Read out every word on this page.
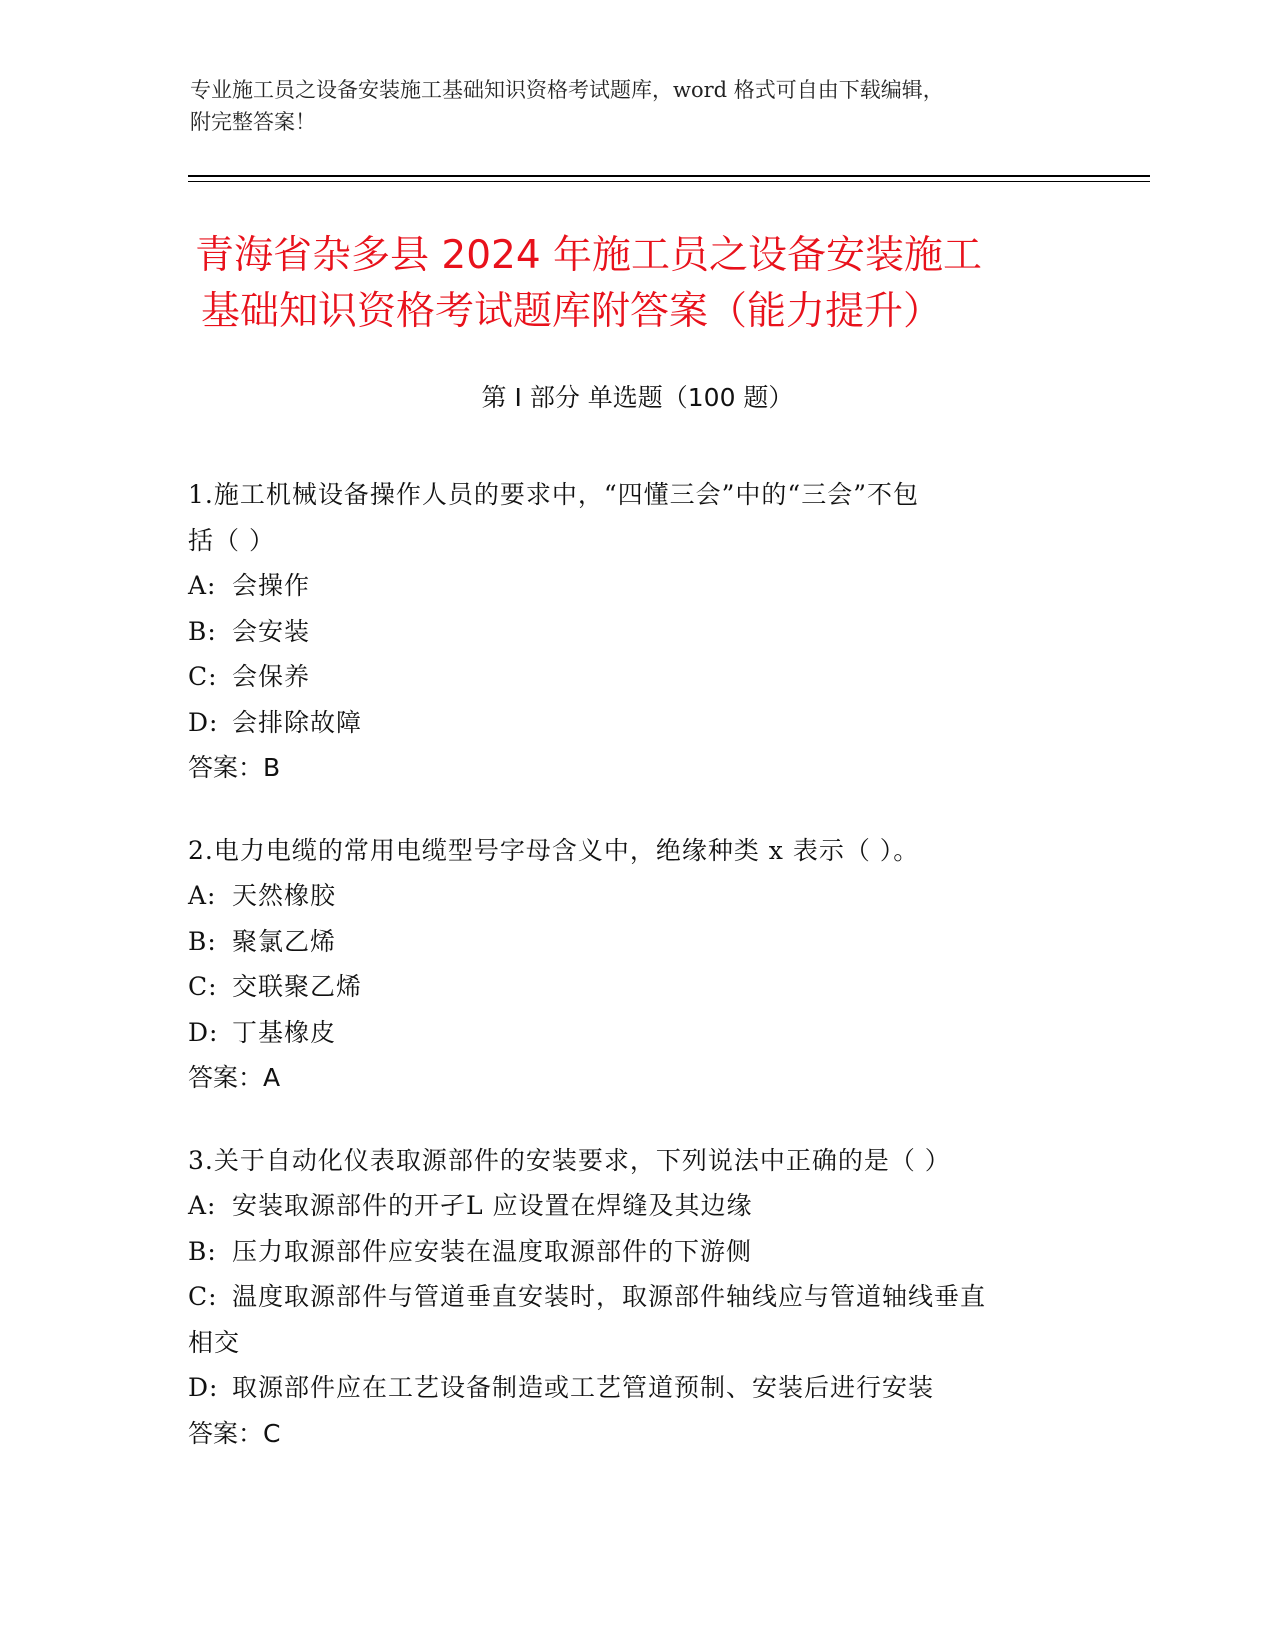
专业施工员之设备安装施工基础知识资格考试题库，word 格式可自由下载编辑，
附完整答案！
青海省杂多县 2024 年施工员之设备安装施工
基础知识资格考试题库附答案（能力提升）
第 I 部分 单选题（100 题）
1.施工机械设备操作人员的要求中，“四懂三会”中的“三会”不包
括（ ）
A: 会操作
B: 会安装
C: 会保养
D: 会排除故障
答案：B
2.电力电缆的常用电缆型号字母含义中，绝缘种类 x 表示（ ）。
A: 天然橡胶
B: 聚氯乙烯
C: 交联聚乙烯
D: 丁基橡皮
答案：A
3.关于自动化仪表取源部件的安装要求，下列说法中正确的是（ ）
A: 安装取源部件的开孑L 应设置在焊缝及其边缘
B: 压力取源部件应安装在温度取源部件的下游侧
C: 温度取源部件与管道垂直安装时，取源部件轴线应与管道轴线垂直
相交
D: 取源部件应在工艺设备制造或工艺管道预制、安装后进行安装
答案：C
